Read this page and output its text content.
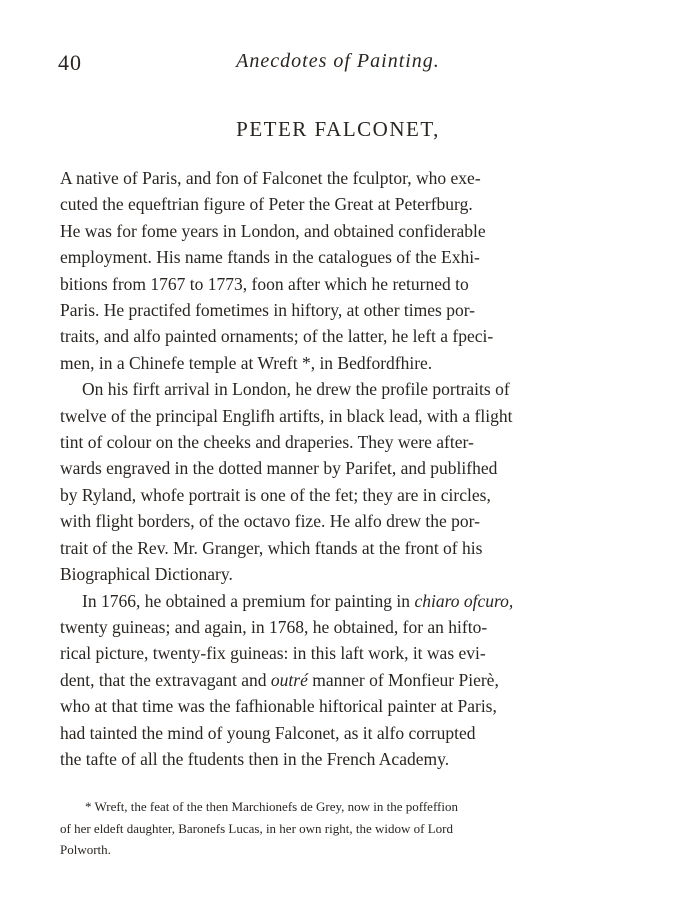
40	Anecdotes of Painting.
PETER FALCONET,

A native of Paris, and fon of Falconet the fculptor, who exe-
cuted the equeftrian figure of Peter the Great at Peterfburg.
He was for fome years in London, and obtained confiderable
employment. His name ftands in the catalogues of the Exhi-
bitions from 1767 to 1773, foon after which he returned to
Paris. He practifed fometimes in hiftory, at other times por-
traits, and alfo painted ornaments; of the latter, he left a fpeci-
men, in a Chinefe temple at Wreft *, in Bedfordfhire.

On his firft arrival in London, he drew the profile portraits of
twelve of the principal Englifh artifts, in black lead, with a flight
tint of colour on the cheeks and draperies. They were after-
wards engraved in the dotted manner by Parifet, and publifhed
by Ryland, whofe portrait is one of the fet; they are in circles,
with flight borders, of the octavo fize. He alfo drew the por-
trait of the Rev. Mr. Granger, which ftands at the front of his
Biographical Dictionary.

In 1766, he obtained a premium for painting in chiaro ofcuro,
twenty guineas; and again, in 1768, he obtained, for an hifto-
rical picture, twenty-fix guineas: in this laft work, it was evi-
dent, that the extravagant and outré manner of Monfieur Pierè,
who at that time was the fafhionable hiftorical painter at Paris,
had tainted the mind of young Falconet, as it alfo corrupted
the tafte of all the ftudents then in the French Academy.

* Wreft, the feat of the then Marchionefs de Grey, now in the poffeffion
of her eldeft daughter, Baronefs Lucas, in her own right, the widow of Lord
Polworth.
